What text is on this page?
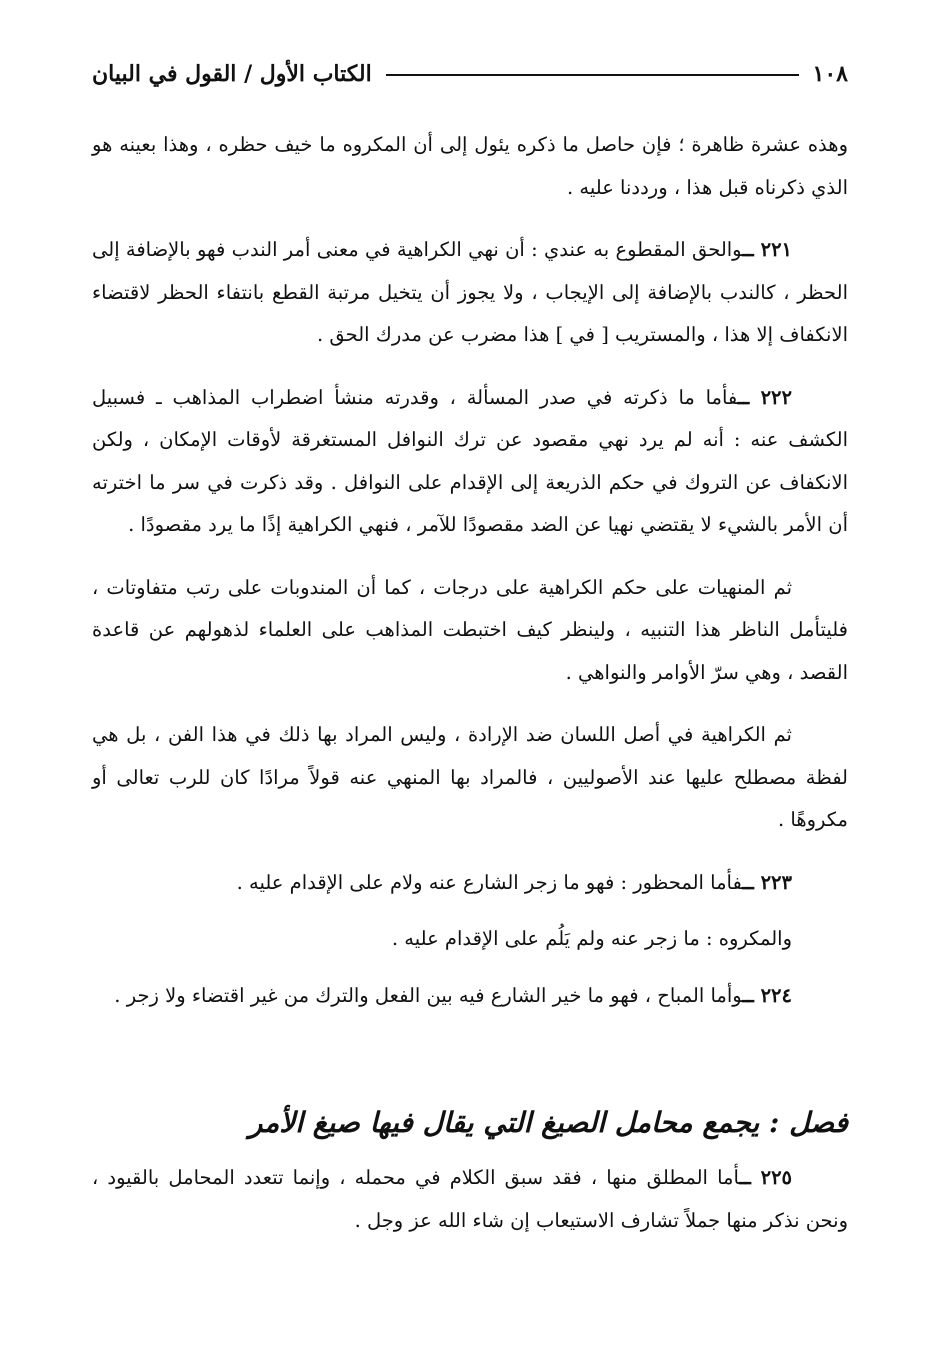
١٠٨
الكتاب الأول / القول في البيان

وهذه عشرة ظاهرة ؛ فإن حاصل ما ذكره يئول إلى أن المكروه ما خيف حظره ، وهذا بعينه هو الذي ذكرناه قبل هذا ، ورددنا عليه .

٢٢١ ــوالحق المقطوع به عندي : أن نهي الكراهية في معنى أمر الندب فهو بالإضافة إلى الحظر ، كالندب بالإضافة إلى الإيجاب ، ولا يجوز أن يتخيل مرتبة القطع بانتفاء الحظر لاقتضاء الانكفاف إلا هذا ، والمستريب [ في ] هذا مضرب عن مدرك الحق .

٢٢٢ ــفأما ما ذكرته في صدر المسألة ، وقدرته منشأ اضطراب المذاهب ـ فسبيل الكشف عنه : أنه لم يرد نهي مقصود عن ترك النوافل المستغرقة لأوقات الإمكان ، ولكن الانكفاف عن التروك في حكم الذريعة إلى الإقدام على النوافل . وقد ذكرت في سر ما اخترته أن الأمر بالشيء لا يقتضي نهيا عن الضد مقصودًا للآمر ، فنهي الكراهية إذًا ما يرد مقصودًا .

ثم المنهيات على حكم الكراهية على درجات ، كما أن المندوبات على رتب متفاوتات ، فليتأمل الناظر هذا التنبيه ، ولينظر كيف اختبطت المذاهب على العلماء لذهولهم عن قاعدة القصد ، وهي سرّ الأوامر والنواهي .

ثم الكراهية في أصل اللسان ضد الإرادة ، وليس المراد بها ذلك في هذا الفن ، بل هي لفظة مصطلح عليها عند الأصوليين ، فالمراد بها المنهي عنه قولاً مرادًا كان للرب تعالى أو مكروهًا .

٢٢٣ ــفأما المحظور : فهو ما زجر الشارع عنه ولام على الإقدام عليه .

والمكروه : ما زجر عنه ولم يَلُم على الإقدام عليه .

٢٢٤ ــوأما المباح ، فهو ما خير الشارع فيه بين الفعل والترك من غير اقتضاء ولا زجر .

فصل : يجمع محامل الصيغ التي يقال فيها صيغ الأمر

٢٢٥ ــأما المطلق منها ، فقد سبق الكلام في محمله ، وإنما تتعدد المحامل بالقيود ، ونحن نذكر منها جملاً تشارف الاستيعاب إن شاء الله عز وجل .
